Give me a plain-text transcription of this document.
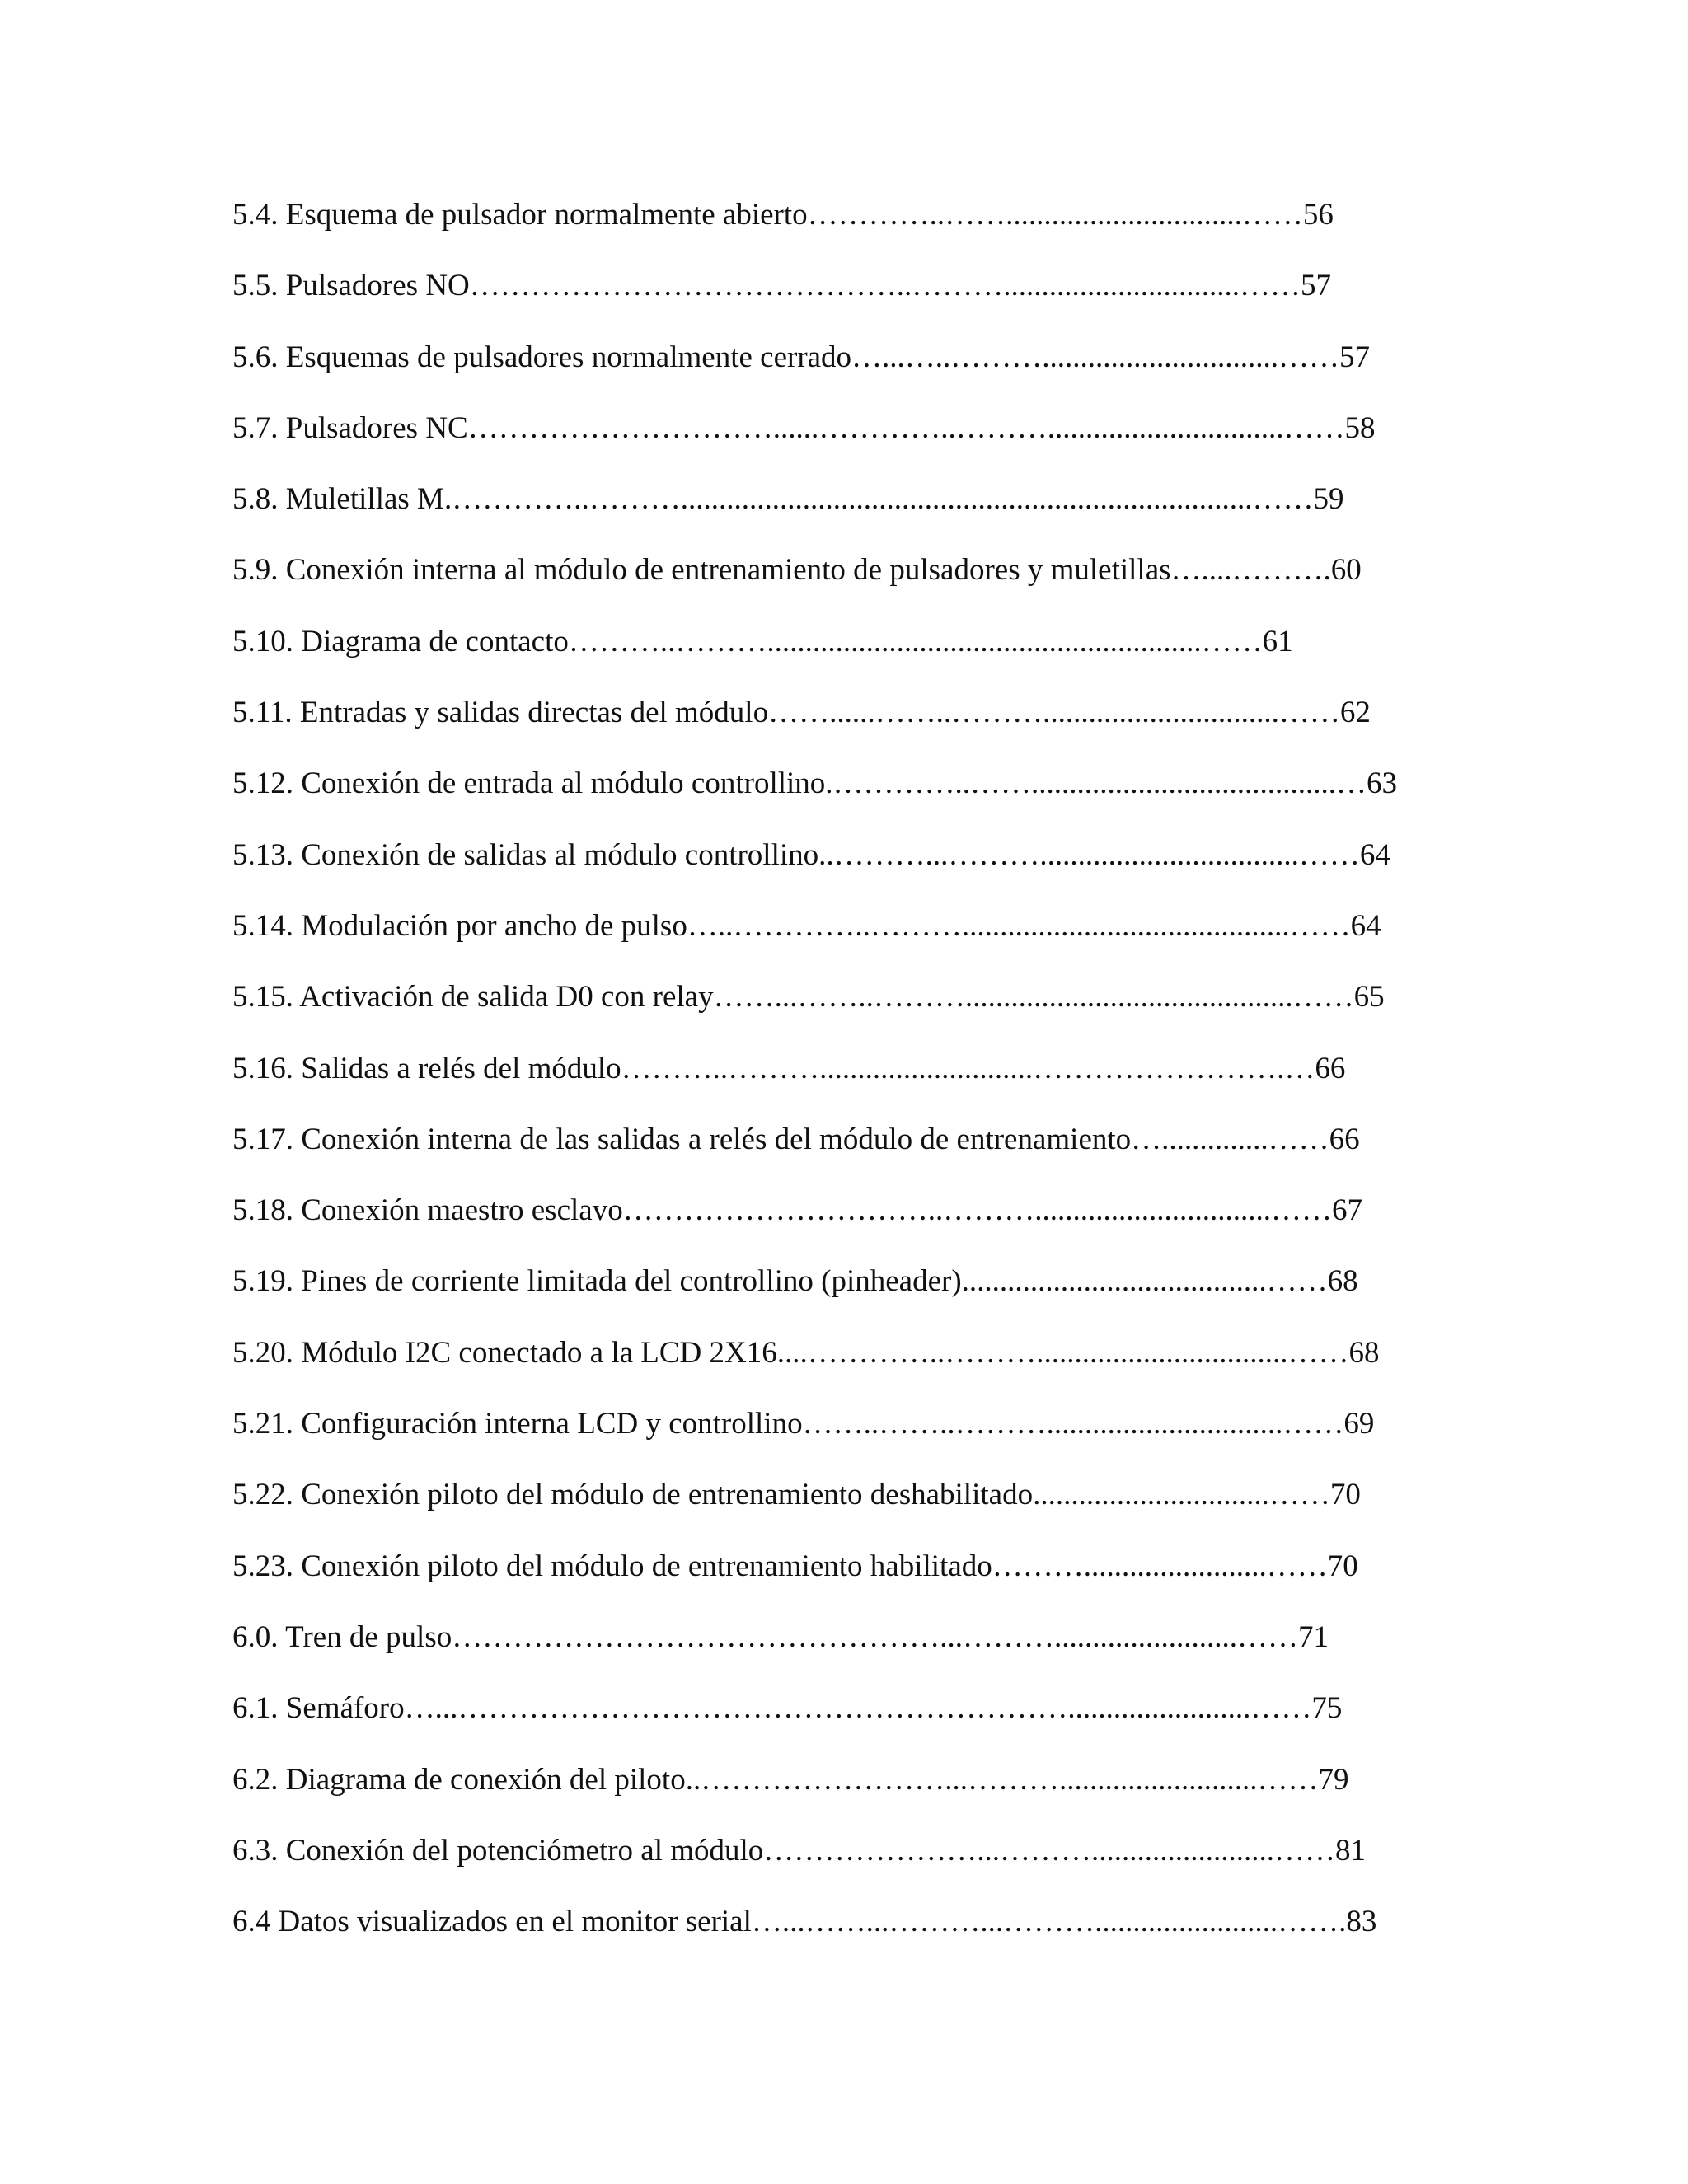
5.4. Esquema de pulsador normalmente abierto…………..……...............................……56
5.5. Pulsadores NO……………………………………..………...............................……57
5.6. Esquemas de pulsadores normalmente cerrado…...…..………...............................……57
5.7. Pulsadores NC…………………………......…………..………...............................……58
5.8. Muletillas M.…………..………...........................................................................……59
5.9. Conexión interna al módulo de entrenamiento de pulsadores y muletillas…....……….60
5.10. Diagrama de contacto………..……….........................................................……61
5.11. Entradas y salidas directas del módulo……......……..………...............................……62
5.12. Conexión de entrada al módulo controllino.…………..……........................................…63
5.13. Conexión de salidas al módulo controllino..………...………..................................……64
5.14. Modulación por ancho de pulso…..…………..………...........................................……64
5.15. Activación de salida D0 con relay……...……..………...........................................……65
5.16. Salidas a relés del módulo………..………............................…………………….…66
5.17. Conexión interna de las salidas a relés del módulo de entrenamiento…..............……66
5.18. Conexión maestro esclavo…………………………..………...............................……67
5.19. Pines de corriente limitada del controllino (pinheader)........................................……68
5.20. Módulo I2C conectado a la LCD 2X16....…………..……….................................……68
5.21. Configuración interna LCD y controllino……..……..………...............................……69
5.22. Conexión piloto del módulo de entrenamiento deshabilitado...............................……70
5.23. Conexión piloto del módulo de entrenamiento habilitado………........................……70
6.0. Tren de pulso…………………………………………...………........................……71
6.1. Semáforo…...……………………………………………………........................……75
6.2. Diagrama de conexión del piloto..……………………...………..........................……79
6.3. Conexión del potenciómetro al módulo…………………...………........................……81
6.4 Datos visualizados en el monitor serial…...……...………...………........................…….83
